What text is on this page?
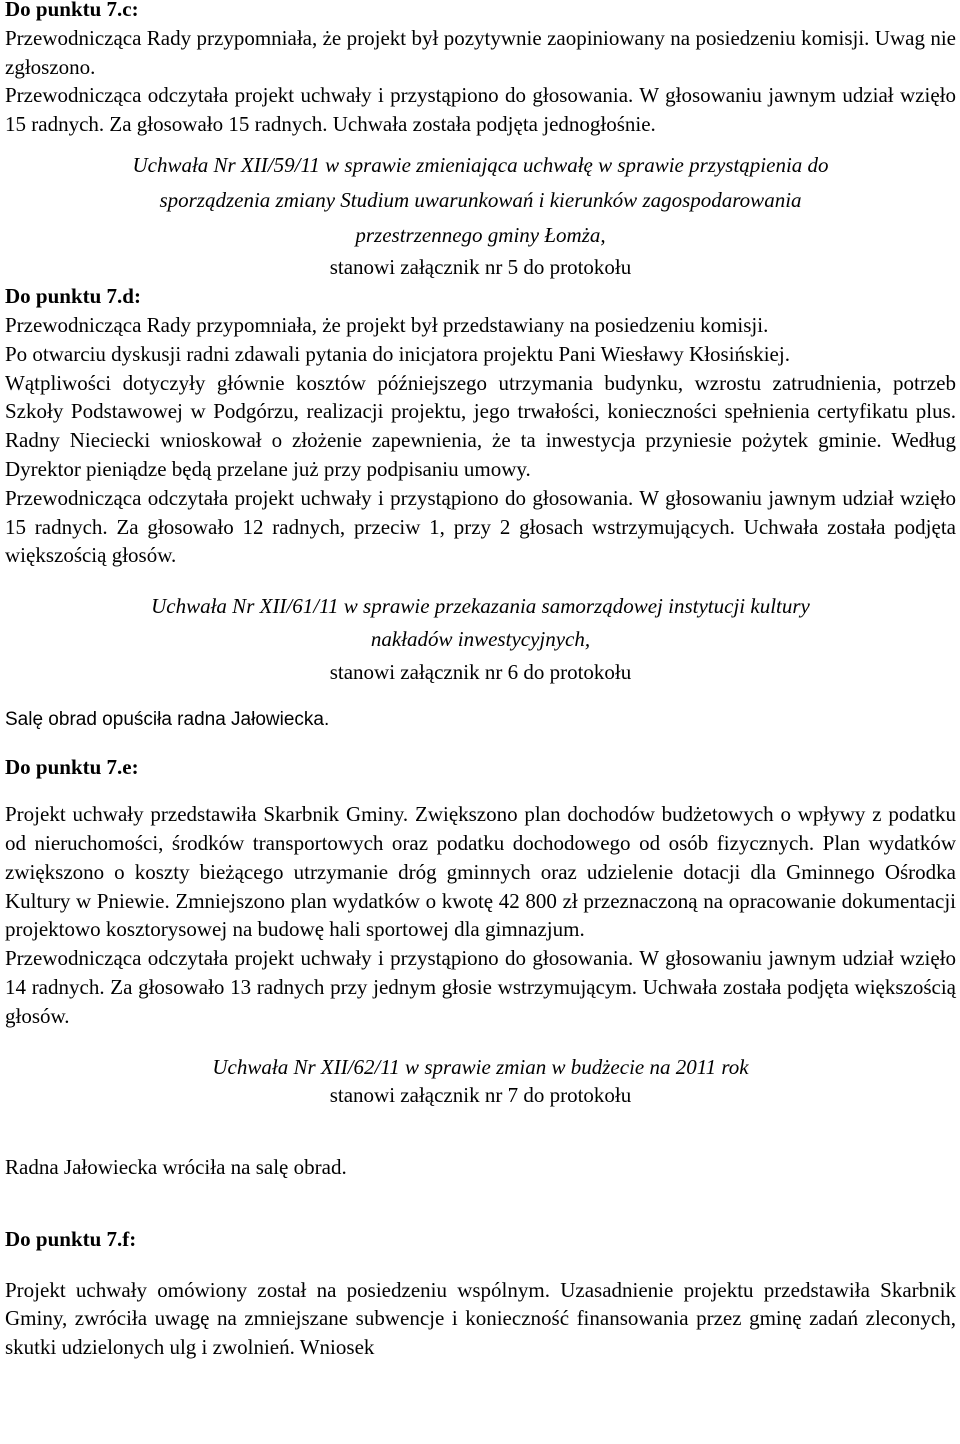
Do punktu 7.c:

Przewodnicząca Rady przypomniała, że projekt był pozytywnie zaopiniowany na posiedzeniu komisji. Uwag nie zgłoszono.

Przewodnicząca odczytała projekt uchwały i przystąpiono do głosowania. W głosowaniu jawnym udział wzięło 15 radnych. Za głosowało 15 radnych. Uchwała została podjęta jednogłośnie.

Uchwała Nr XII/59/11 w sprawie zmieniająca uchwałę w sprawie przystąpienia do

sporządzenia zmiany Studium uwarunkowań i kierunków zagospodarowania

przestrzennego gminy Łomża,

stanowi załącznik nr 5 do protokołu

Do punktu 7.d:

Przewodnicząca Rady przypomniała, że projekt był przedstawiany na posiedzeniu komisji.

Po otwarciu dyskusji radni zdawali pytania do inicjatora projektu Pani Wiesławy Kłosińskiej.

Wątpliwości dotyczyły głównie kosztów późniejszego utrzymania budynku, wzrostu zatrudnienia, potrzeb Szkoły Podstawowej w Podgórzu, realizacji projektu, jego trwałości, konieczności spełnienia certyfikatu plus. Radny Nieciecki wnioskował o złożenie zapewnienia, że ta inwestycja przyniesie pożytek gminie. Według Dyrektor pieniądze będą przelane już przy podpisaniu umowy.

Przewodnicząca odczytała projekt uchwały i przystąpiono do głosowania. W głosowaniu jawnym udział wzięło 15 radnych. Za głosowało 12 radnych, przeciw 1, przy 2 głosach wstrzymujących. Uchwała została podjęta większością głosów.

Uchwała Nr XII/61/11 w sprawie przekazania samorządowej instytucji kultury

nakładów inwestycyjnych,

stanowi załącznik nr 6 do protokołu

Salę obrad opuściła radna Jałowiecka.

Do punktu 7.e:

Projekt uchwały przedstawiła Skarbnik Gminy. Zwiększono plan dochodów budżetowych o wpływy z podatku od nieruchomości, środków transportowych oraz podatku dochodowego od osób fizycznych. Plan wydatków zwiększono o koszty bieżącego utrzymanie dróg gminnych oraz udzielenie dotacji dla Gminnego Ośrodka Kultury w Pniewie. Zmniejszono plan wydatków o kwotę 42 800 zł przeznaczoną na opracowanie dokumentacji projektowo kosztorysowej na budowę hali sportowej dla gimnazjum.

Przewodnicząca odczytała projekt uchwały i przystąpiono do głosowania. W głosowaniu jawnym udział wzięło 14 radnych. Za głosowało 13 radnych przy jednym głosie wstrzymującym. Uchwała została podjęta większością głosów.

Uchwała Nr XII/62/11 w sprawie zmian w budżecie na 2011 rok

stanowi załącznik nr 7 do protokołu

Radna Jałowiecka wróciła na salę obrad.

Do punktu 7.f:

Projekt uchwały omówiony został na posiedzeniu wspólnym. Uzasadnienie projektu przedstawiła Skarbnik Gminy, zwróciła uwagę na zmniejszane subwencje i konieczność finansowania przez gminę zadań zleconych, skutki udzielonych ulg i zwolnień. Wniosek
